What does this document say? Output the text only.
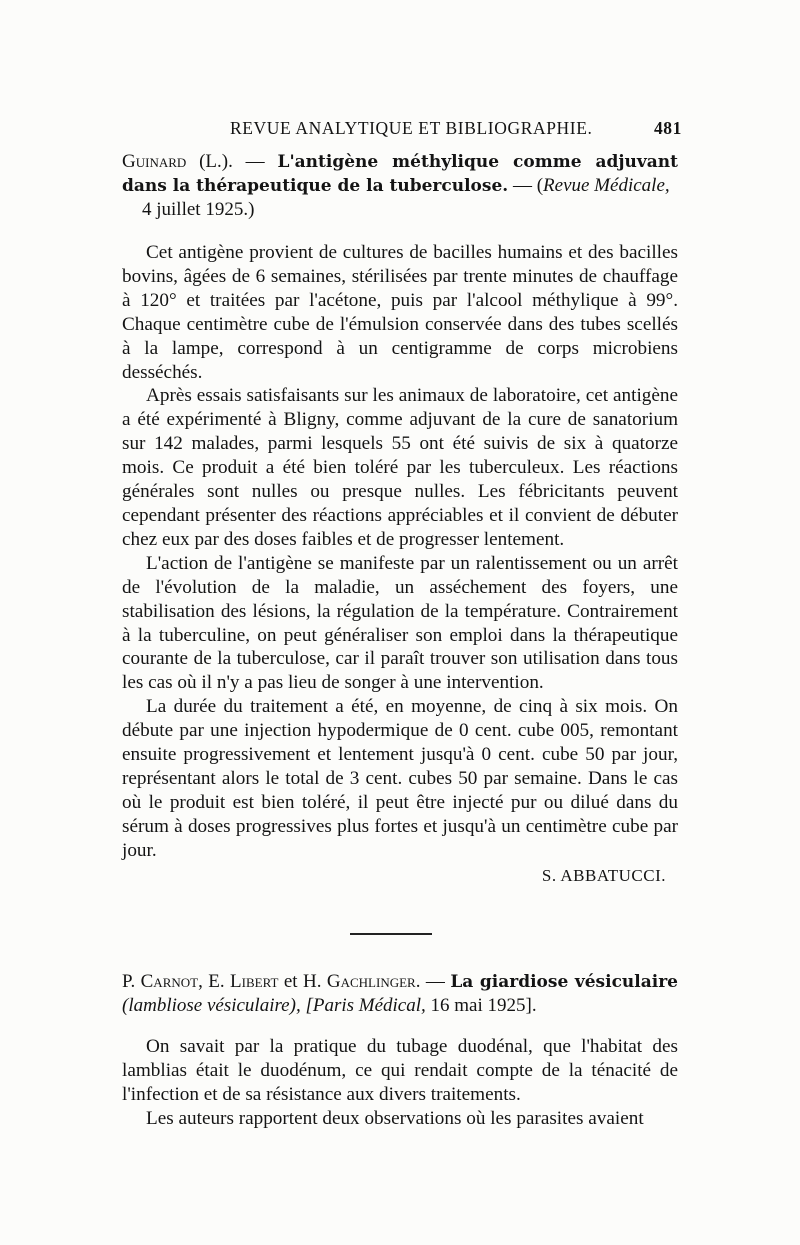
REVUE ANALYTIQUE ET BIBLIOGRAPHIE.	481
Guinard (L.). — L'antigène méthylique comme adjuvant dans la thérapeutique de la tuberculose. — (Revue Médicale,
4 juillet 1925.)

Cet antigène provient de cultures de bacilles humains et des bacilles bovins, âgées de 6 semaines, stérilisées par trente minutes de chauffage à 120° et traitées par l'acétone, puis par l'alcool méthylique à 99°. Chaque centimètre cube de l'émulsion conservée dans des tubes scellés à la lampe, correspond à un centigramme de corps microbiens desséchés.

Après essais satisfaisants sur les animaux de laboratoire, cet antigène a été expérimenté à Bligny, comme adjuvant de la cure de sanatorium sur 142 malades, parmi lesquels 55 ont été suivis de six à quatorze mois. Ce produit a été bien toléré par les tuberculeux. Les réactions générales sont nulles ou presque nulles. Les fébricitants peuvent cependant présenter des réactions appréciables et il convient de débuter chez eux par des doses faibles et de progresser lentement.

L'action de l'antigène se manifeste par un ralentissement ou un arrêt de l'évolution de la maladie, un asséchement des foyers, une stabilisation des lésions, la régulation de la température. Contrairement à la tuberculine, on peut généraliser son emploi dans la thérapeutique courante de la tuberculose, car il paraît trouver son utilisation dans tous les cas où il n'y a pas lieu de songer à une intervention.

La durée du traitement a été, en moyenne, de cinq à six mois. On débute par une injection hypodermique de 0 cent. cube 005, remontant ensuite progressivement et lentement jusqu'à 0 cent. cube 50 par jour, représentant alors le total de 3 cent. cubes 50 par semaine. Dans le cas où le produit est bien toléré, il peut être injecté pur ou dilué dans du sérum à doses progressives plus fortes et jusqu'à un centimètre cube par jour.

S. ABBATUCCI.
P. Carnot, E. Libert et H. Gachlinger. — La giardiose vésiculaire (lambliose vésiculaire), [Paris Médical, 16 mai 1925].

On savait par la pratique du tubage duodénal, que l'habitat des lamblias était le duodénum, ce qui rendait compte de la ténacité de l'infection et de sa résistance aux divers traitements.

Les auteurs rapportent deux observations où les parasites avaient
